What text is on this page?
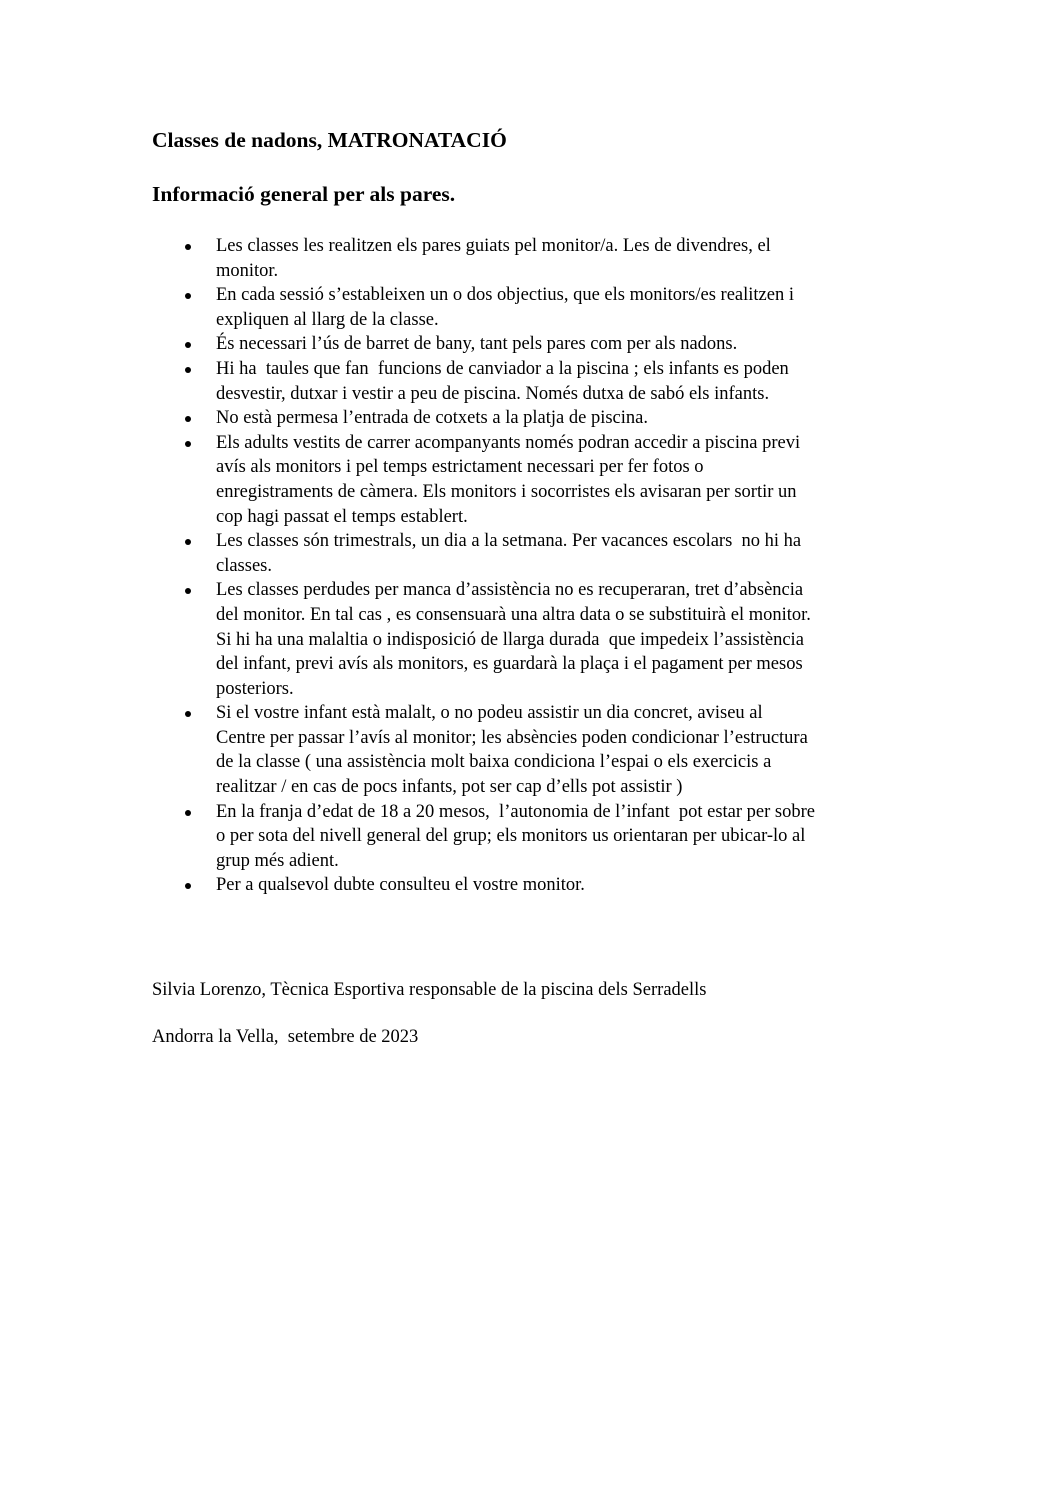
Classes de nadons, MATRONATACIÓ
Informació general per als pares.
Les classes les realitzen els pares guiats pel monitor/a. Les de divendres, el
monitor.
En cada sessió s’estableixen un o dos objectius, que els monitors/es realitzen i
expliquen al llarg de la classe.
És necessari l’ús de barret de bany, tant pels pares com per als nadons.
Hi ha  taules que fan  funcions de canviador a la piscina ; els infants es poden
desvestir, dutxar i vestir a peu de piscina. Només dutxa de sabó els infants.
No està permesa l’entrada de cotxets a la platja de piscina.
Els adults vestits de carrer acompanyants només podran accedir a piscina previ
avís als monitors i pel temps estrictament necessari per fer fotos o
enregistraments de càmera. Els monitors i socorristes els avisaran per sortir un
cop hagi passat el temps establert.
Les classes són trimestrals, un dia a la setmana. Per vacances escolars  no hi ha
classes.
Les classes perdudes per manca d’assistència no es recuperaran, tret d’absència
del monitor. En tal cas , es consensuarà una altra data o se substituirà el monitor.
Si hi ha una malaltia o indisposició de llarga durada  que impedeix l’assistència
del infant, previ avís als monitors, es guardarà la plaça i el pagament per mesos
posteriors.
Si el vostre infant està malalt, o no podeu assistir un dia concret, aviseu al
Centre per passar l’avís al monitor; les absències poden condicionar l’estructura
de la classe ( una assistència molt baixa condiciona l’espai o els exercicis a
realitzar / en cas de pocs infants, pot ser cap d’ells pot assistir )
En la franja d’edat de 18 a 20 mesos,  l’autonomia de l’infant  pot estar per sobre
o per sota del nivell general del grup; els monitors us orientaran per ubicar-lo al
grup més adient.
Per a qualsevol dubte consulteu el vostre monitor.

Silvia Lorenzo, Tècnica Esportiva responsable de la piscina dels Serradells

Andorra la Vella,  setembre de 2023
